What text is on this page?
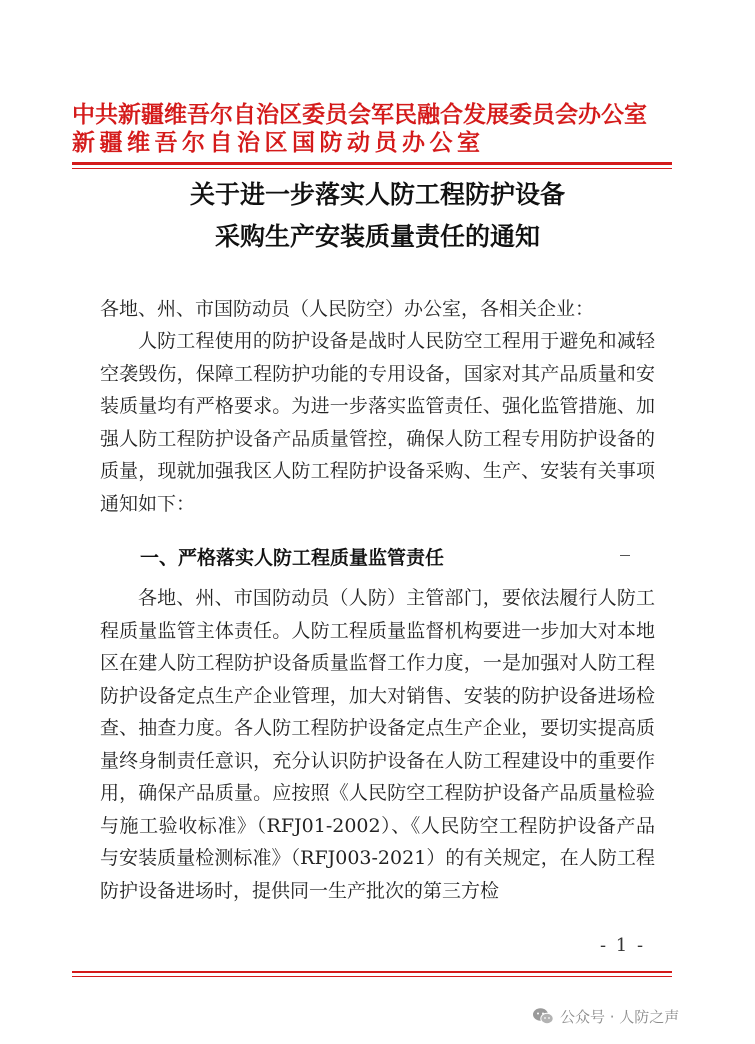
中共新疆维吾尔自治区委员会军民融合发展委员会办公室
新疆维吾尔自治区国防动员办公室
关于进一步落实人防工程防护设备
采购生产安装质量责任的通知
各地、州、市国防动员（人民防空）办公室，各相关企业：
人防工程使用的防护设备是战时人民防空工程用于避免和减轻空袭毁伤，保障工程防护功能的专用设备，国家对其产品质量和安装质量均有严格要求。为进一步落实监管责任、强化监管措施、加强人防工程防护设备产品质量管控，确保人防工程专用防护设备的质量，现就加强我区人防工程防护设备采购、生产、安装有关事项通知如下：
一、严格落实人防工程质量监管责任
各地、州、市国防动员（人防）主管部门，要依法履行人防工程质量监管主体责任。人防工程质量监督机构要进一步加大对本地区在建人防工程防护设备质量监督工作力度，一是加强对人防工程防护设备定点生产企业管理，加大对销售、安装的防护设备进场检查、抽查力度。各人防工程防护设备定点生产企业，要切实提高质量终身制责任意识，充分认识防护设备在人防工程建设中的重要作用，确保产品质量。应按照《人民防空工程防护设备产品质量检验与施工验收标准》（RFJ01-2002）、《人民防空工程防护设备产品与安装质量检测标准》（RFJ003-2021）的有关规定，在人防工程防护设备进场时，提供同一生产批次的第三方检
- 1 -
公众号 · 人防之声
